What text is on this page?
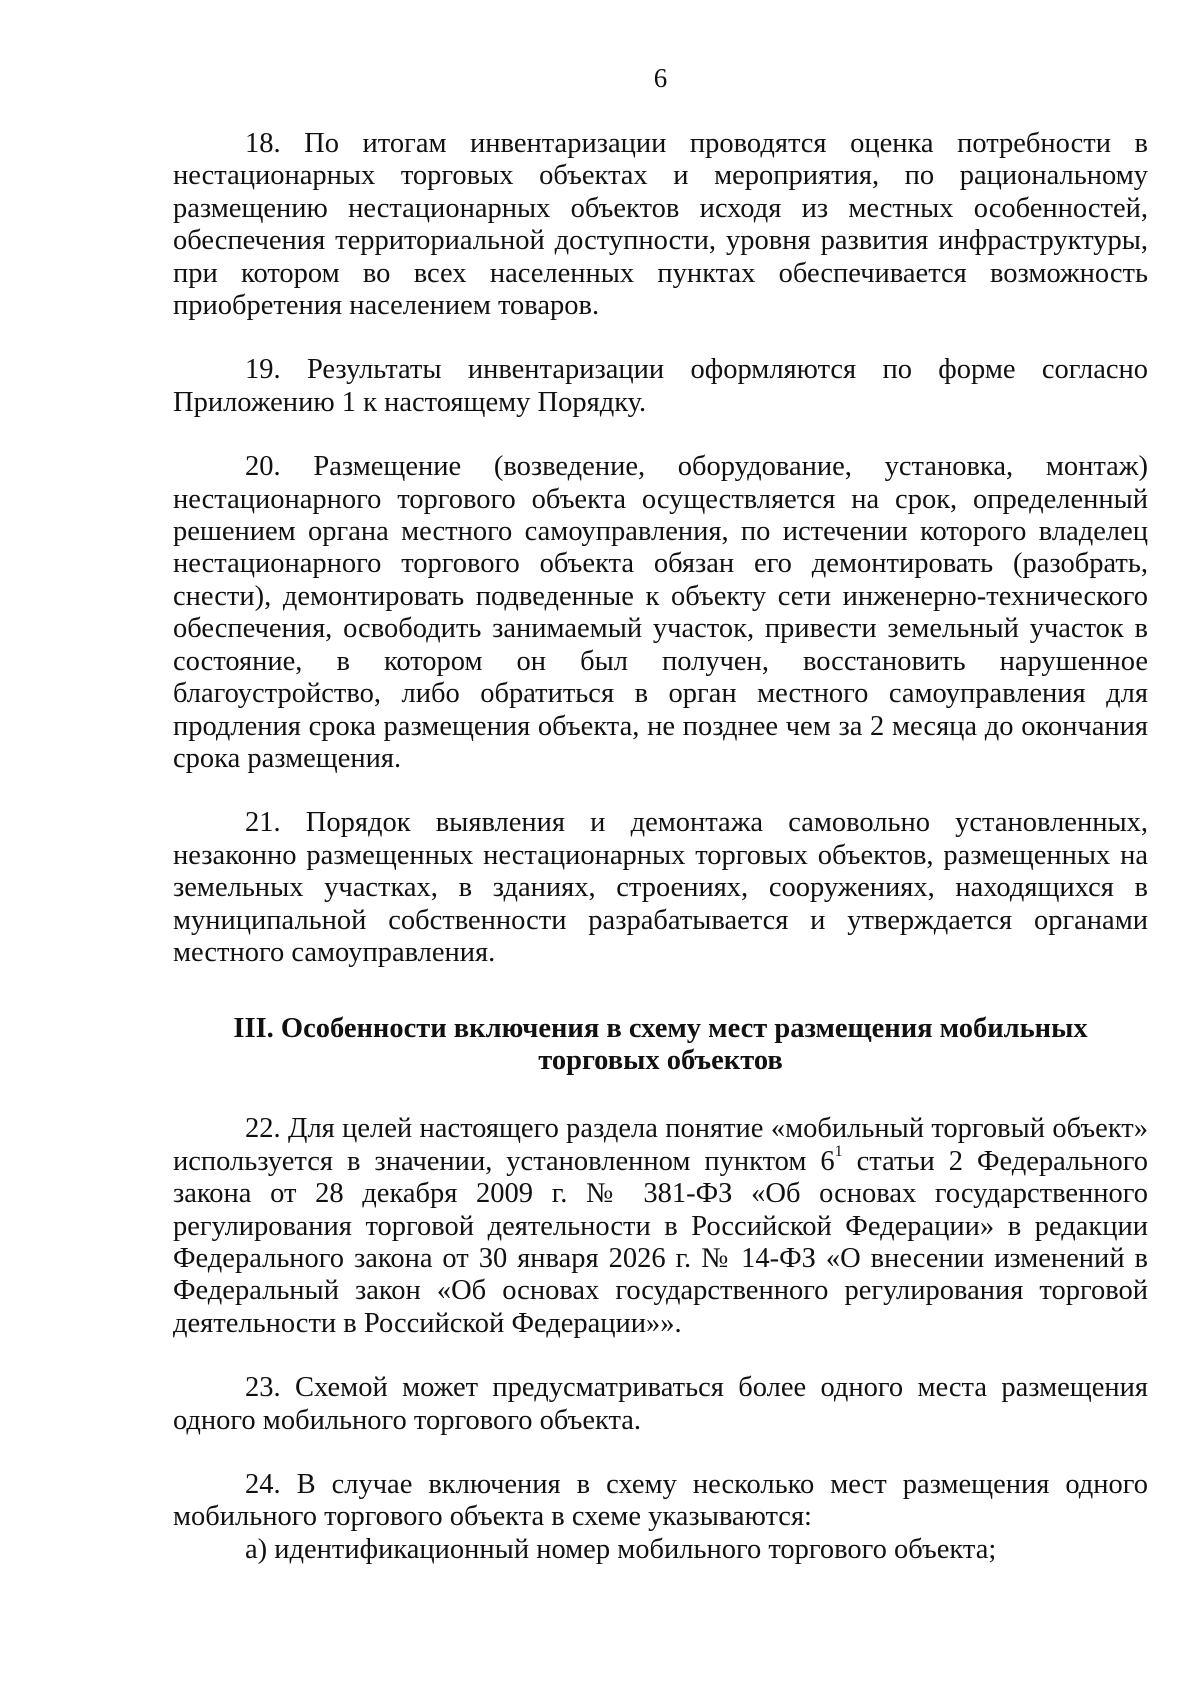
6

18. По итогам инвентаризации проводятся оценка потребности в нестационарных торговых объектах и мероприятия, по рациональному размещению нестационарных объектов исходя из местных особенностей, обеспечения территориальной доступности, уровня развития инфраструктуры, при котором во всех населенных пунктах обеспечивается возможность приобретения населением товаров.

19. Результаты инвентаризации оформляются по форме согласно Приложению 1 к настоящему Порядку.

20. Размещение (возведение, оборудование, установка, монтаж) нестационарного торгового объекта осуществляется на срок, определенный решением органа местного самоуправления, по истечении которого владелец нестационарного торгового объекта обязан его демонтировать (разобрать, снести), демонтировать подведенные к объекту сети инженерно-технического обеспечения, освободить занимаемый участок, привести земельный участок в состояние, в котором он был получен, восстановить нарушенное благоустройство, либо обратиться в орган местного самоуправления для продления срока размещения объекта, не позднее чем за 2 месяца до окончания срока размещения.

21. Порядок выявления и демонтажа самовольно установленных, незаконно размещенных нестационарных торговых объектов, размещенных на земельных участках, в зданиях, строениях, сооружениях, находящихся в муниципальной собственности разрабатывается и утверждается органами местного самоуправления.

III. Особенности включения в схему мест размещения мобильных
торговых объектов

22. Для целей настоящего раздела понятие «мобильный торговый объект» используется в значении, установленном пунктом $6^1$ статьи 2 Федерального закона от 28 декабря 2009 г. № 381-ФЗ «Об основах государственного регулирования торговой деятельности в Российской Федерации» в редакции Федерального закона от 30 января 2026 г. № 14-ФЗ «О внесении изменений в Федеральный закон «Об основах государственного регулирования торговой деятельности в Российской Федерации»».

23. Схемой может предусматриваться более одного места размещения одного мобильного торгового объекта.

24. В случае включения в схему несколько мест размещения одного мобильного торгового объекта в схеме указываются:

а) идентификационный номер мобильного торгового объекта;
